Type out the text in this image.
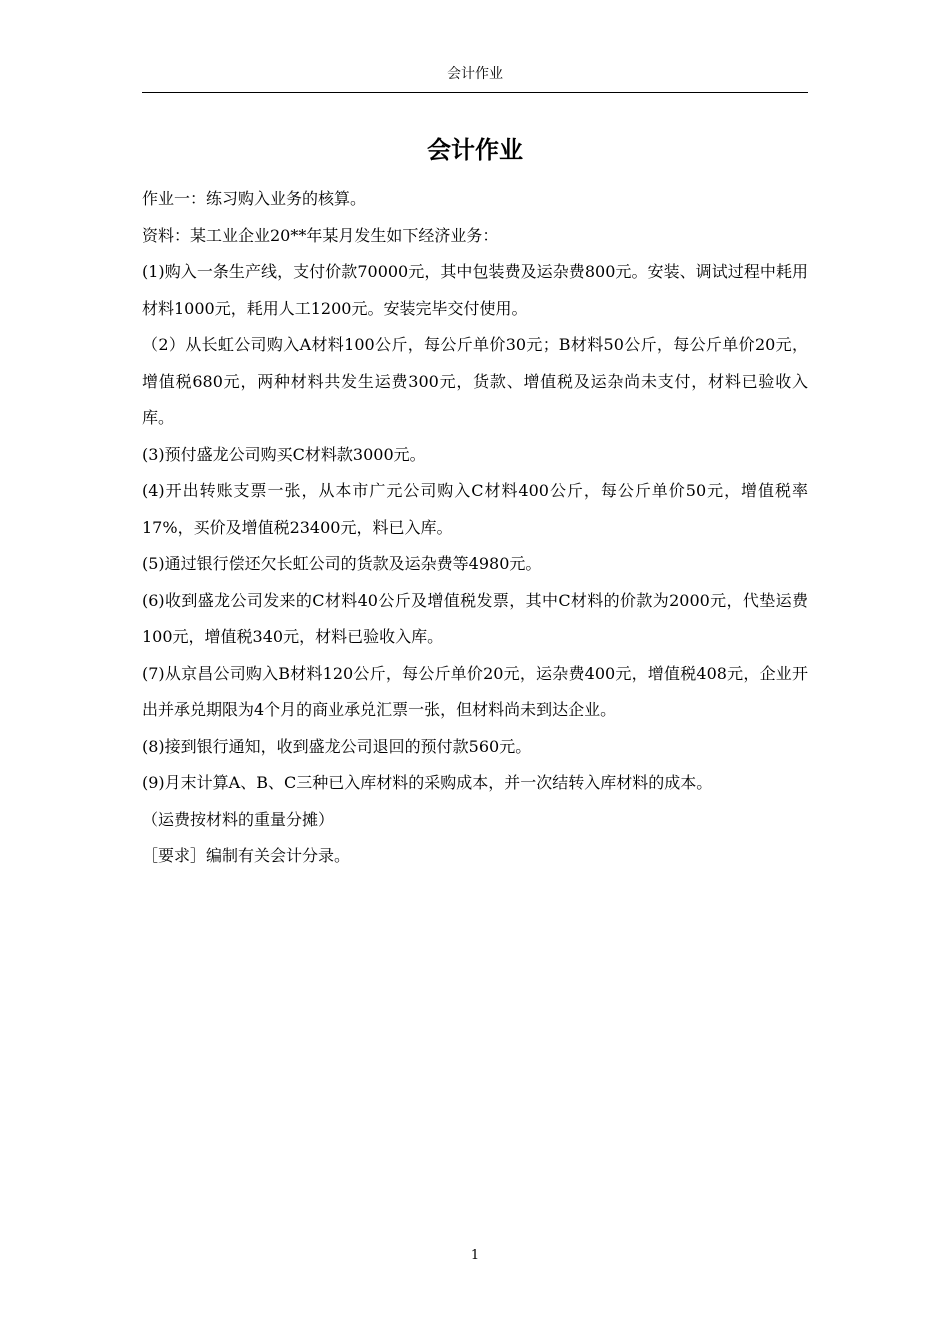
会计作业
会计作业

作业一：练习购入业务的核算。

资料：某工业企业20**年某月发生如下经济业务：

(1)购入一条生产线，支付价款70000元，其中包装费及运杂费800元。安装、调试过程中耗用材料1000元，耗用人工1200元。安装完毕交付使用。

（2）从长虹公司购入A材料100公斤，每公斤单价30元；B材料50公斤，每公斤单价20元，增值税680元，两种材料共发生运费300元，货款、增值税及运杂尚未支付，材料已验收入库。

(3)预付盛龙公司购买C材料款3000元。

(4)开出转账支票一张，从本市广元公司购入C材料400公斤，每公斤单价50元，增值税率17%，买价及增值税23400元，料已入库。

(5)通过银行偿还欠长虹公司的货款及运杂费等4980元。

(6)收到盛龙公司发来的C材料40公斤及增值税发票，其中C材料的价款为2000元，代垫运费100元，增值税340元，材料已验收入库。

(7)从京昌公司购入B材料120公斤，每公斤单价20元，运杂费400元，增值税408元，企业开出并承兑期限为4个月的商业承兑汇票一张，但材料尚未到达企业。

(8)接到银行通知，收到盛龙公司退回的预付款560元。

(9)月末计算A、B、C三种已入库材料的采购成本，并一次结转入库材料的成本。

（运费按材料的重量分摊）

［要求］编制有关会计分录。

1
